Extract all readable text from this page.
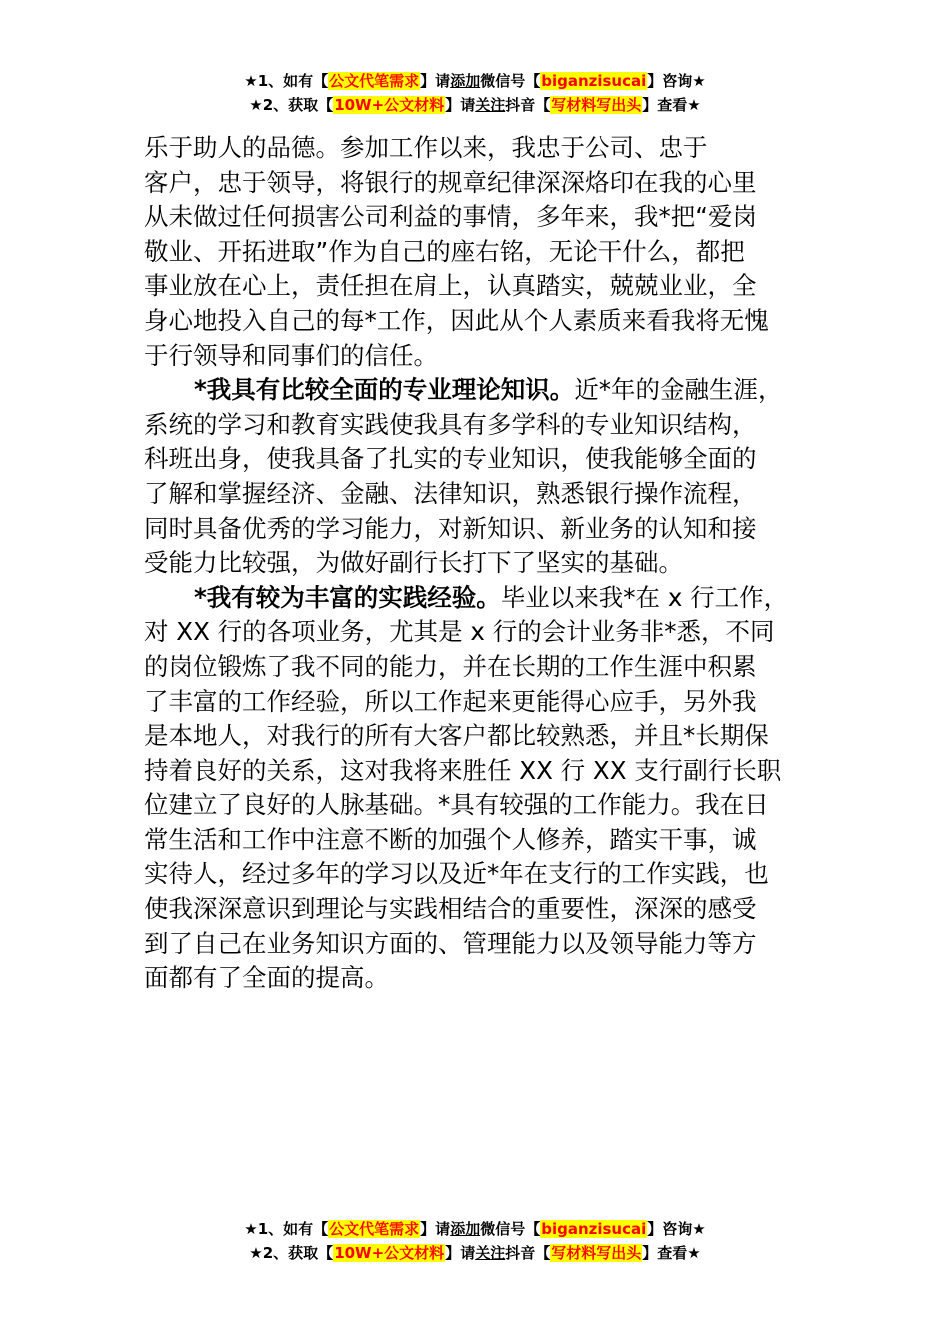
★1、如有【公文代笔需求】请添加微信号【biganzisucai】咨询★
★2、获取【10W+公文材料】请关注抖音【写材料写出头】查看★

乐于助人的品德。参加工作以来，我忠于公司、忠于

客户，忠于领导，将银行的规章纪律深深烙印在我的心里

从未做过任何损害公司利益的事情，多年来，我*把“爱岗

敬业、开拓进取”作为自己的座右铭，无论干什么，都把

事业放在心上，责任担在肩上，认真踏实，兢兢业业，全

身心地投入自己的每*工作，因此从个人素质来看我将无愧

于行领导和同事们的信任。

*我具有比较全面的专业理论知识。近*年的金融生涯，

系统的学习和教育实践使我具有多学科的专业知识结构，

科班出身，使我具备了扎实的专业知识，使我能够全面的

了解和掌握经济、金融、法律知识，熟悉银行操作流程，

同时具备优秀的学习能力，对新知识、新业务的认知和接

受能力比较强，为做好副行长打下了坚实的基础。

*我有较为丰富的实践经验。毕业以来我*在 x 行工作，

对 XX 行的各项业务，尤其是 x 行的会计业务非*悉，不同

的岗位锻炼了我不同的能力，并在长期的工作生涯中积累

了丰富的工作经验，所以工作起来更能得心应手，另外我

是本地人，对我行的所有大客户都比较熟悉，并且*长期保

持着良好的关系，这对我将来胜任 XX 行 XX 支行副行长职

位建立了良好的人脉基础。*具有较强的工作能力。我在日

常生活和工作中注意不断的加强个人修养，踏实干事，诚

实待人，经过多年的学习以及近*年在支行的工作实践，也

使我深深意识到理论与实践相结合的重要性，深深的感受

到了自己在业务知识方面的、管理能力以及领导能力等方

面都有了全面的提高。

★1、如有【公文代笔需求】请添加微信号【biganzisucai】咨询★
★2、获取【10W+公文材料】请关注抖音【写材料写出头】查看★
